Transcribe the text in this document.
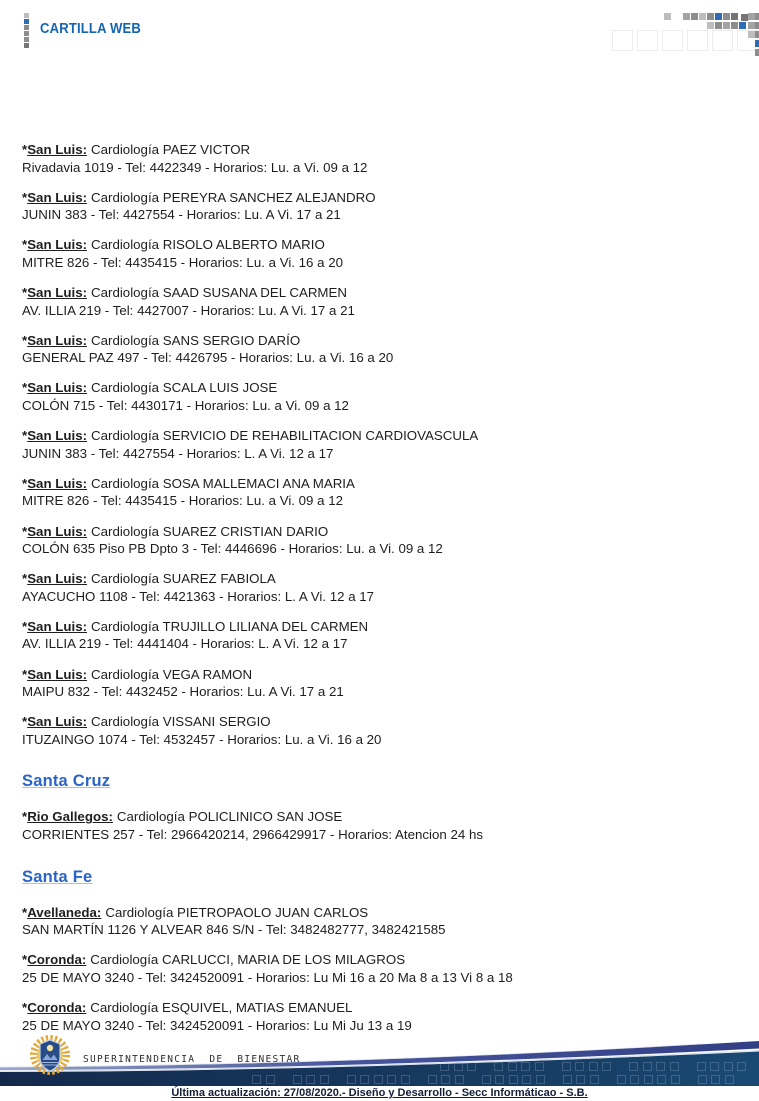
CARTILLA WEB

*San Luis: Cardiología PAEZ VICTOR
Rivadavia 1019 - Tel: 4422349 - Horarios: Lu. a Vi. 09 a 12

*San Luis: Cardiología PEREYRA SANCHEZ ALEJANDRO
JUNIN 383 - Tel: 4427554 - Horarios: Lu. A Vi. 17 a 21

*San Luis: Cardiología RISOLO ALBERTO MARIO
MITRE 826 - Tel: 4435415 - Horarios: Lu. a Vi. 16 a 20

*San Luis: Cardiología SAAD SUSANA DEL CARMEN
AV. ILLIA 219 - Tel: 4427007 - Horarios: Lu. A Vi. 17 a 21

*San Luis: Cardiología SANS SERGIO DARÍO
GENERAL PAZ 497 - Tel: 4426795 - Horarios: Lu. a Vi. 16 a 20

*San Luis: Cardiología SCALA LUIS JOSE
COLÓN 715 - Tel: 4430171 - Horarios: Lu. a Vi. 09 a 12

*San Luis: Cardiología SERVICIO DE REHABILITACION CARDIOVASCULA
JUNIN 383 - Tel: 4427554 - Horarios: L. A Vi. 12 a 17

*San Luis: Cardiología SOSA MALLEMACI ANA MARIA
MITRE 826 - Tel: 4435415 - Horarios: Lu. a Vi. 09 a 12

*San Luis: Cardiología SUAREZ CRISTIAN DARIO
COLÓN 635 Piso PB Dpto 3 - Tel: 4446696 - Horarios: Lu. a Vi. 09 a 12

*San Luis: Cardiología SUAREZ FABIOLA
AYACUCHO 1108 - Tel: 4421363 - Horarios: L. A Vi. 12 a 17

*San Luis: Cardiología TRUJILLO LILIANA DEL CARMEN
AV. ILLIA 219 - Tel: 4441404 - Horarios: L. A Vi. 12 a 17

*San Luis: Cardiología VEGA RAMON
MAIPU 832 - Tel: 4432452 - Horarios: Lu. A Vi. 17 a 21

*San Luis: Cardiología VISSANI SERGIO
ITUZAINGO 1074 - Tel: 4532457 - Horarios: Lu. a Vi. 16 a 20

Santa Cruz

*Rio Gallegos: Cardiología POLICLINICO SAN JOSE
CORRIENTES 257 - Tel: 2966420214, 2966429917 - Horarios: Atencion 24 hs

Santa Fe

*Avellaneda: Cardiología PIETROPAOLO JUAN CARLOS
SAN MARTÍN 1126 Y ALVEAR 846 S/N - Tel: 3482482777, 3482421585

*Coronda: Cardiología CARLUCCI, MARIA DE LOS MILAGROS
25 DE MAYO 3240 - Tel: 3424520091 - Horarios: Lu Mi 16 a 20 Ma 8 a 13 Vi 8 a 18

*Coronda: Cardiología ESQUIVEL, MATIAS EMANUEL
25 DE MAYO 3240 - Tel: 3424520091 - Horarios: Lu Mi Ju 13 a 19

SUPERINTENDENCIA DE BIENESTAR
Última actualización: 27/08/2020.- Diseño y Desarrollo - Secc Informáticao - S.B.
